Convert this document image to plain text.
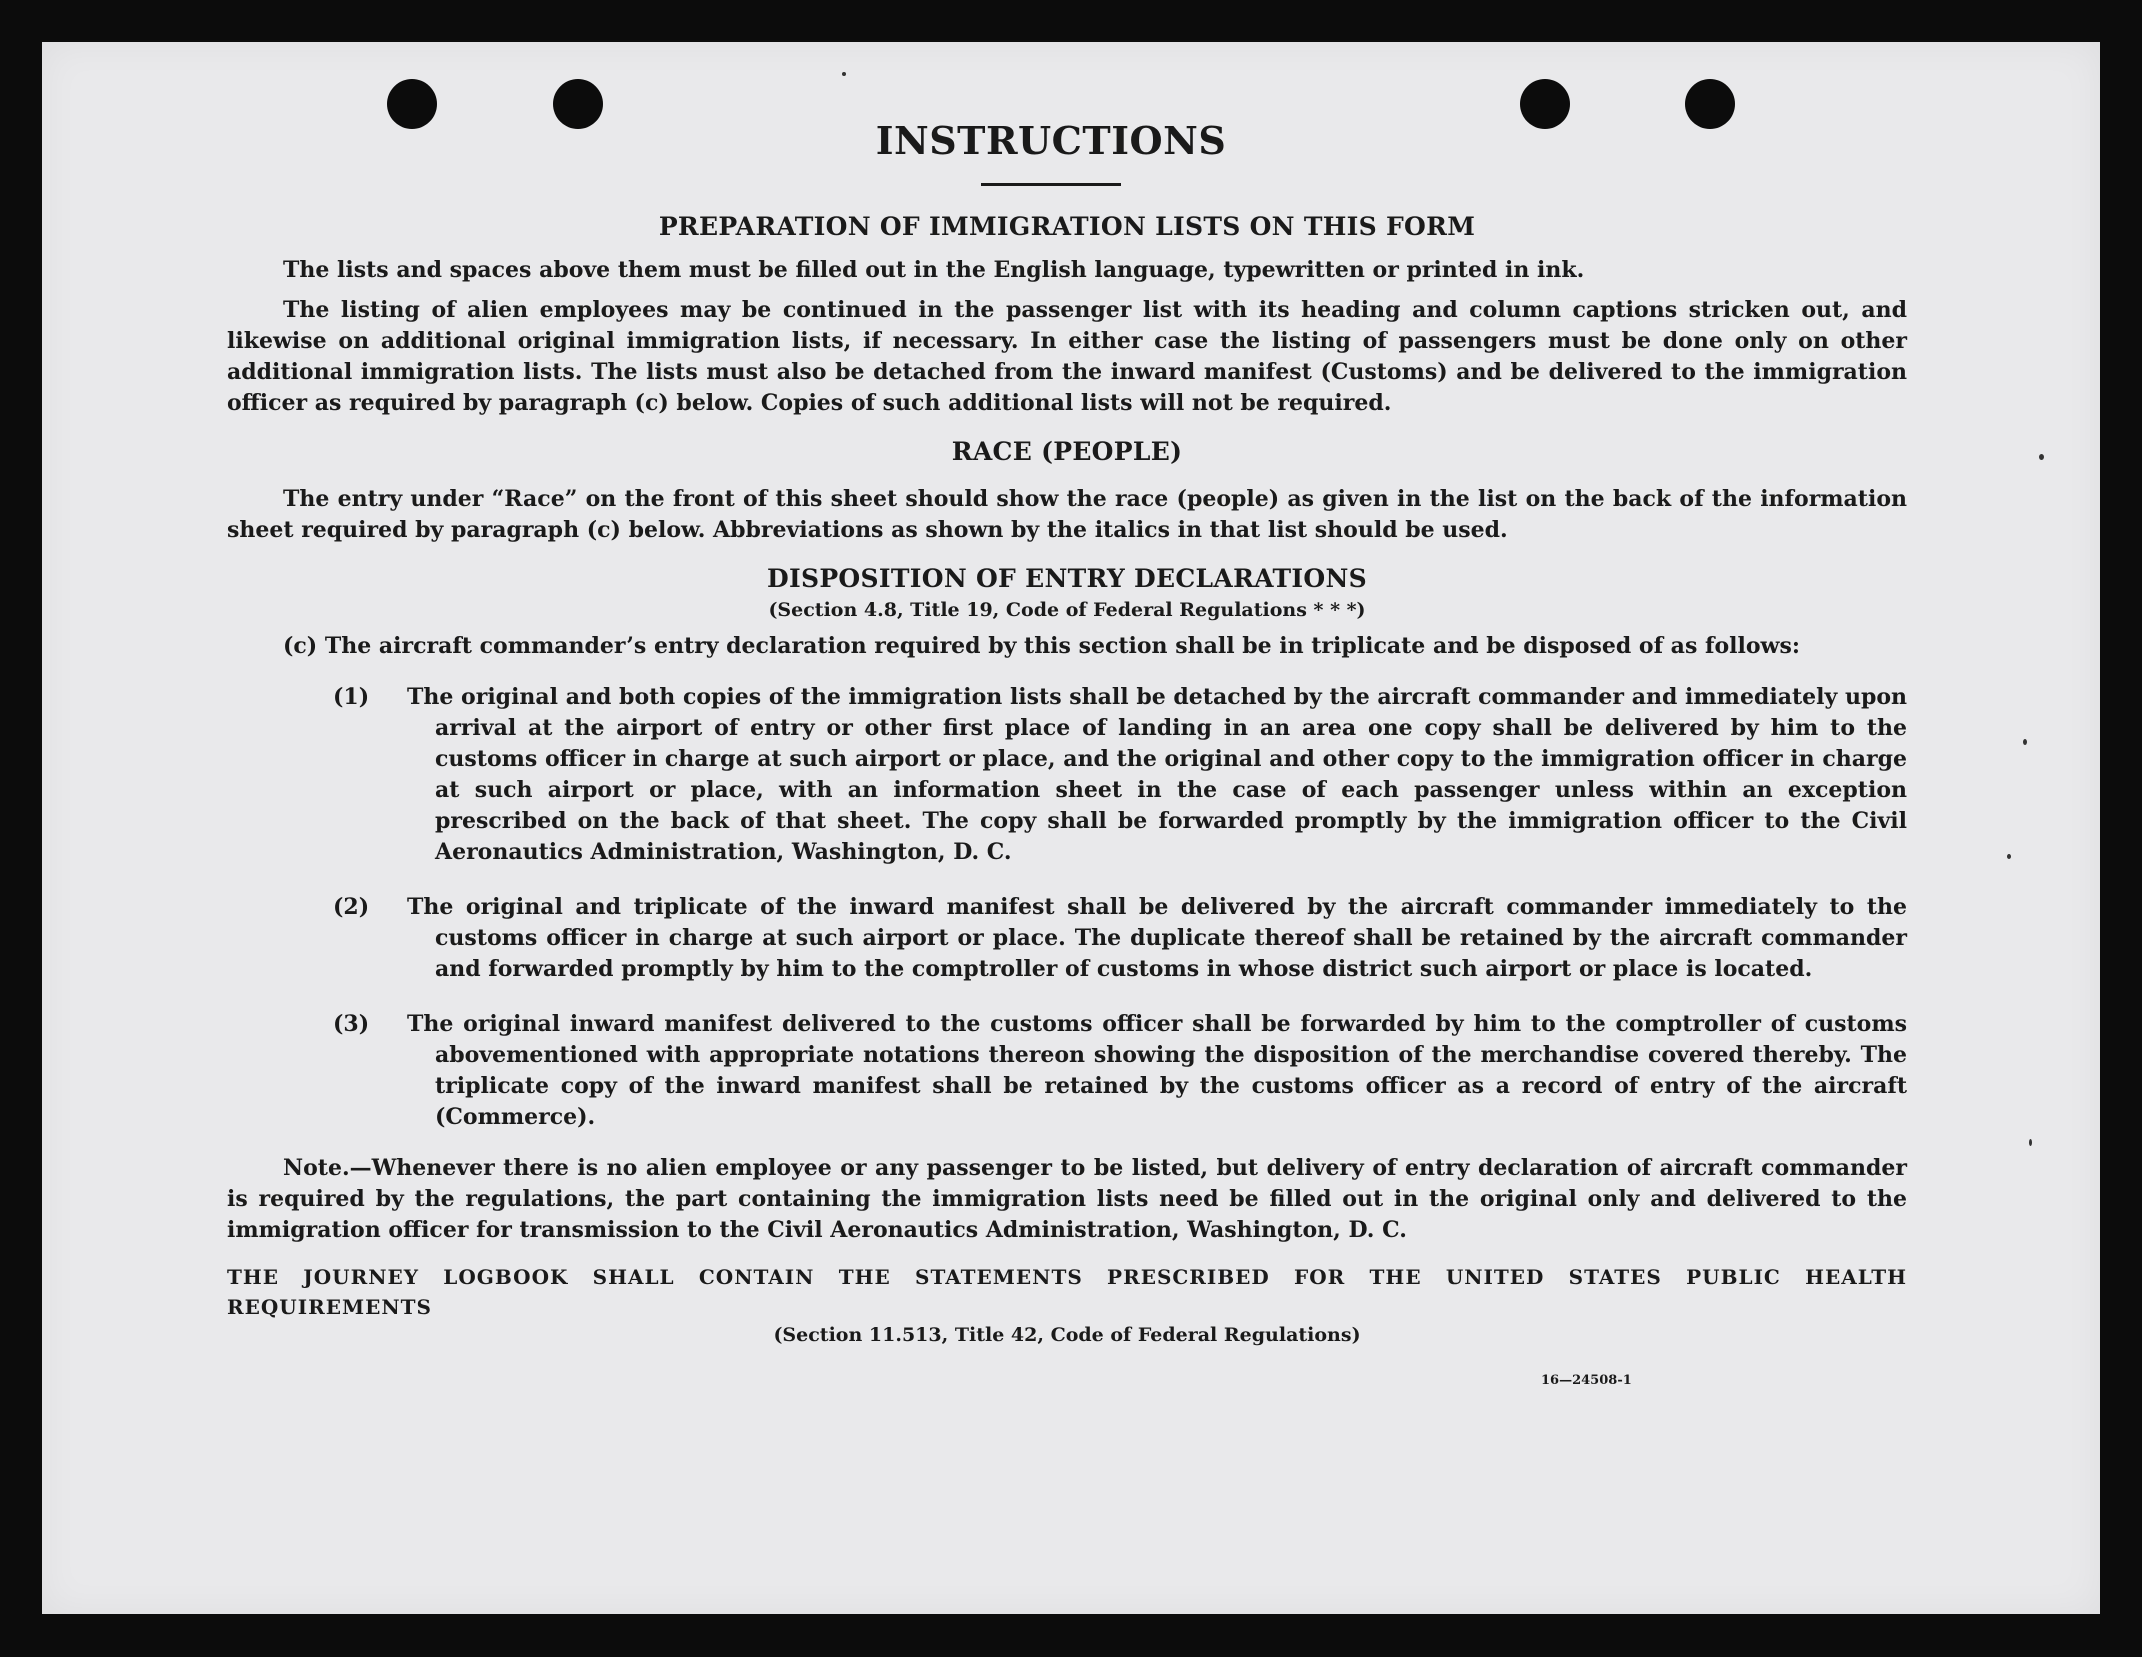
INSTRUCTIONS
PREPARATION OF IMMIGRATION LISTS ON THIS FORM

The lists and spaces above them must be filled out in the English language, typewritten or printed in ink.

The listing of alien employees may be continued in the passenger list with its heading and column captions stricken out, and likewise on additional original immigration lists, if necessary. In either case the listing of passengers must be done only on other additional immigration lists. The lists must also be detached from the inward manifest (Customs) and be delivered to the immigration officer as required by paragraph (c) below. Copies of such additional lists will not be required.

RACE (PEOPLE)

The entry under “Race” on the front of this sheet should show the race (people) as given in the list on the back of the information sheet required by paragraph (c) below. Abbreviations as shown by the italics in that list should be used.

DISPOSITION OF ENTRY DECLARATIONS
(Section 4.8, Title 19, Code of Federal Regulations * * *)

(c) The aircraft commander’s entry declaration required by this section shall be in triplicate and be disposed of as follows:

(1)	The original and both copies of the immigration lists shall be detached by the aircraft commander and immediately upon arrival at the airport of entry or other first place of landing in an area one copy shall be delivered by him to the customs officer in charge at such airport or place, and the original and other copy to the immigration officer in charge at such airport or place, with an information sheet in the case of each passenger unless within an exception prescribed on the back of that sheet. The copy shall be forwarded promptly by the immigration officer to the Civil Aeronautics Administration, Washington, D. C.

(2)	The original and triplicate of the inward manifest shall be delivered by the aircraft commander immediately to the customs officer in charge at such airport or place. The duplicate thereof shall be retained by the aircraft commander and forwarded promptly by him to the comptroller of customs in whose district such airport or place is located.

(3)	The original inward manifest delivered to the customs officer shall be forwarded by him to the comptroller of customs abovementioned with appropriate notations thereon showing the disposition of the merchandise covered thereby. The triplicate copy of the inward manifest shall be retained by the customs officer as a record of entry of the aircraft (Commerce).

Note.—Whenever there is no alien employee or any passenger to be listed, but delivery of entry declaration of aircraft commander is required by the regulations, the part containing the immigration lists need be filled out in the original only and delivered to the immigration officer for transmission to the Civil Aeronautics Administration, Washington, D. C.

THE JOURNEY LOGBOOK SHALL CONTAIN THE STATEMENTS PRESCRIBED FOR THE UNITED STATES PUBLIC HEALTH REQUIREMENTS
(Section 11.513, Title 42, Code of Federal Regulations)
16—24508-1
